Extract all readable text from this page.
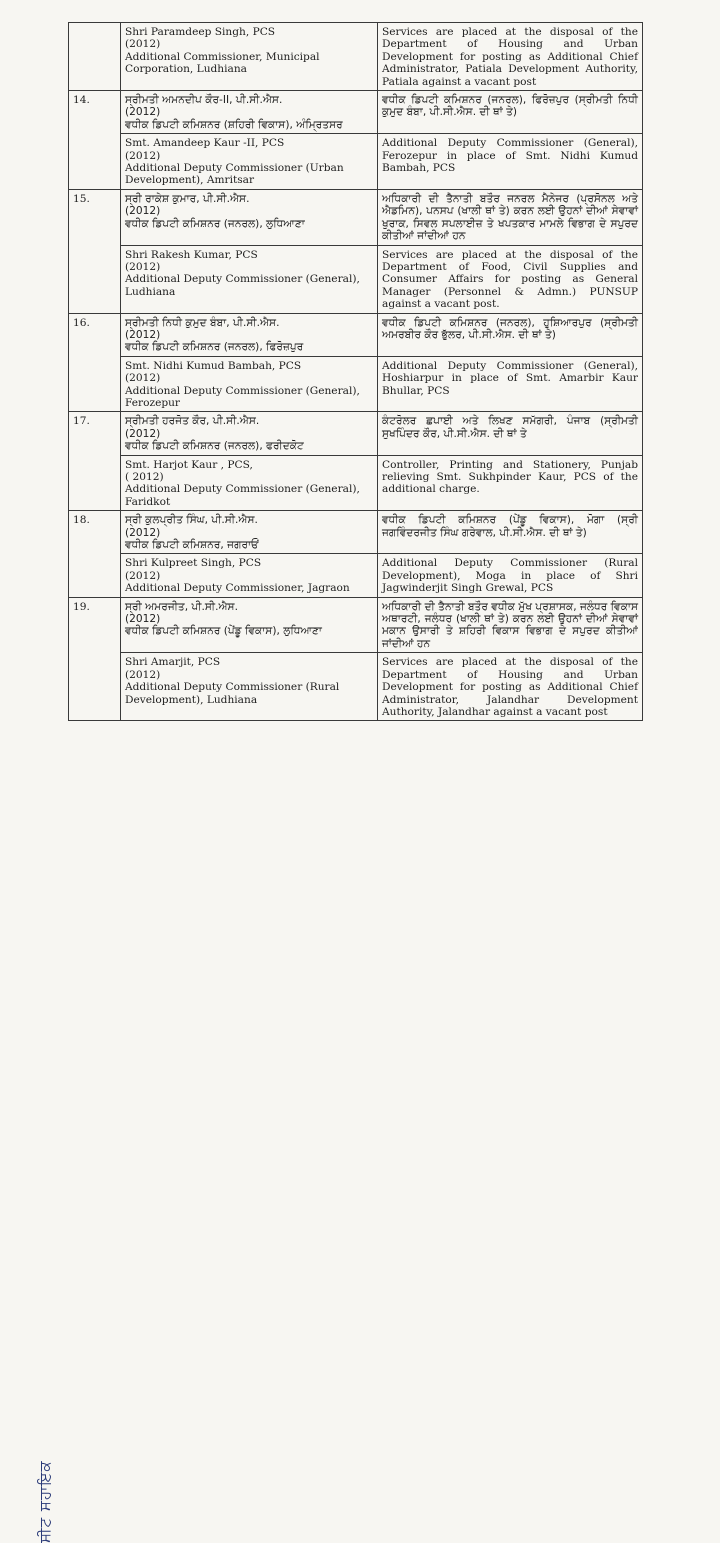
	Shri Paramdeep Singh, PCS
(2012)
Additional Commissioner, Municipal Corporation, Ludhiana	Services are placed at the disposal of the Department of Housing and Urban Development for posting as Additional Chief Administrator, Patiala Development Authority, Patiala against a vacant post
14.	ਸ੍ਰੀਮਤੀ ਅਮਨਦੀਪ ਕੌਰ-II, ਪੀ.ਸੀ.ਐਸ.
(2012)
ਵਧੀਕ ਡਿਪਟੀ ਕਮਿਸ਼ਨਰ (ਸ਼ਹਿਰੀ ਵਿਕਾਸ), ਅੰਮ੍ਰਿਤਸਰ	ਵਧੀਕ ਡਿਪਟੀ ਕਮਿਸ਼ਨਰ (ਜਨਰਲ), ਫਿਰੋਜ਼ਪੁਰ (ਸ੍ਰੀਮਤੀ ਨਿਧੀ ਕੁਮੁਦ ਬੰਬਾ, ਪੀ.ਸੀ.ਐਸ. ਦੀ ਥਾਂ ਤੇ)
	Smt. Amandeep Kaur -II, PCS
(2012)
Additional Deputy Commissioner (Urban Development), Amritsar	Additional Deputy Commissioner (General), Ferozepur in place of Smt. Nidhi Kumud Bambah, PCS
15.	ਸ੍ਰੀ ਰਾਕੇਸ਼ ਕੁਮਾਰ, ਪੀ.ਸੀ.ਐਸ.
(2012)
ਵਧੀਕ ਡਿਪਟੀ ਕਮਿਸ਼ਨਰ (ਜਨਰਲ), ਲੁਧਿਆਣਾ	ਅਧਿਕਾਰੀ ਦੀ ਤੈਨਾਤੀ ਬਤੌਰ ਜਨਰਲ ਮੈਨੇਜਰ (ਪ੍ਰਸੋਨਲ ਅਤੇ ਐਡਮਿਨ), ਪਨਸਪ (ਖਾਲੀ ਥਾਂ ਤੇ) ਕਰਨ ਲਈ ਉਹਨਾਂ ਦੀਆਂ ਸੇਵਾਵਾਂ ਖੁਰਾਕ, ਸਿਵਲ ਸਪਲਾਈਜ਼ ਤੇ ਖਪਤਕਾਰ ਮਾਮਲੇ ਵਿਭਾਗ ਦੇ ਸਪੁਰਦ ਕੀਤੀਆਂ ਜਾਂਦੀਆਂ ਹਨ
	Shri Rakesh Kumar, PCS
(2012)
Additional Deputy Commissioner (General), Ludhiana	Services are placed at the disposal of the Department of Food, Civil Supplies and Consumer Affairs for posting as General Manager (Personnel & Admn.) PUNSUP against a vacant post.
16.	ਸ੍ਰੀਮਤੀ ਨਿਧੀ ਕੁਮੁਦ ਬੰਬਾ, ਪੀ.ਸੀ.ਐਸ.
(2012)
ਵਧੀਕ ਡਿਪਟੀ ਕਮਿਸ਼ਨਰ (ਜਨਰਲ), ਫਿਰੋਜ਼ਪੁਰ	ਵਧੀਕ ਡਿਪਟੀ ਕਮਿਸ਼ਨਰ (ਜਨਰਲ), ਹੁਸ਼ਿਆਰਪੁਰ (ਸ੍ਰੀਮਤੀ ਅਮਰਬੀਰ ਕੌਰ ਭੁੱਲਰ, ਪੀ.ਸੀ.ਐਸ. ਦੀ ਥਾਂ ਤੇ)
	Smt. Nidhi Kumud Bambah, PCS
(2012)
Additional Deputy Commissioner (General), Ferozepur	Additional Deputy Commissioner (General), Hoshiarpur in place of Smt. Amarbir Kaur Bhullar, PCS
17.	ਸ੍ਰੀਮਤੀ ਹਰਜੋਤ ਕੌਰ, ਪੀ.ਸੀ.ਐਸ.
(2012)
ਵਧੀਕ ਡਿਪਟੀ ਕਮਿਸ਼ਨਰ (ਜਨਰਲ), ਫਰੀਦਕੋਟ	ਕੰਟਰੋਲਰ ਛਪਾਈ ਅਤੇ ਲਿਖਣ ਸਮੱਗਰੀ, ਪੰਜਾਬ (ਸ੍ਰੀਮਤੀ ਸੁਖਪਿੰਦਰ ਕੌਰ, ਪੀ.ਸੀ.ਐਸ. ਦੀ ਥਾਂ ਤੇ
	Smt. Harjot Kaur , PCS,
( 2012)
Additional Deputy Commissioner (General), Faridkot	Controller, Printing and Stationery, Punjab relieving Smt. Sukhpinder Kaur, PCS of the additional charge.
18.	ਸ੍ਰੀ ਕੁਲਪ੍ਰੀਤ ਸਿੰਘ, ਪੀ.ਸੀ.ਐਸ.
(2012)
ਵਧੀਕ ਡਿਪਟੀ ਕਮਿਸ਼ਨਰ, ਜਗਰਾਓਂ	ਵਧੀਕ ਡਿਪਟੀ ਕਮਿਸ਼ਨਰ (ਪੇਂਡੂ ਵਿਕਾਸ), ਮੋਗਾ (ਸ੍ਰੀ ਜਗਵਿੰਦਰਜੀਤ ਸਿੰਘ ਗਰੇਵਾਲ, ਪੀ.ਸੀ.ਐਸ. ਦੀ ਥਾਂ ਤੇ)
	Shri Kulpreet Singh, PCS
(2012)
Additional Deputy Commissioner, Jagraon	Additional Deputy Commissioner (Rural Development), Moga in place of Shri Jagwinderjit Singh Grewal, PCS
19.	ਸ੍ਰੀ ਅਮਰਜੀਤ, ਪੀ.ਸੀ.ਐਸ.
(2012)
ਵਧੀਕ ਡਿਪਟੀ ਕਮਿਸ਼ਨਰ (ਪੇਂਡੂ ਵਿਕਾਸ), ਲੁਧਿਆਣਾ	ਅਧਿਕਾਰੀ ਦੀ ਤੈਨਾਤੀ ਬਤੌਰ ਵਧੀਕ ਮੁੱਖ ਪ੍ਰਸ਼ਾਸਕ, ਜਲੰਧਰ ਵਿਕਾਸ ਅਥਾਰਟੀ, ਜਲੰਧਰ (ਖਾਲੀ ਥਾਂ ਤੇ) ਕਰਨ ਲਈ ਉਹਨਾਂ ਦੀਆਂ ਸੇਵਾਵਾਂ ਮਕਾਨ ਉਸਾਰੀ ਤੇ ਸ਼ਹਿਰੀ ਵਿਕਾਸ ਵਿਭਾਗ ਦੇ ਸਪੁਰਦ ਕੀਤੀਆਂ ਜਾਂਦੀਆਂ ਹਨ
	Shri Amarjit, PCS
(2012)
Additional Deputy Commissioner (Rural Development), Ludhiana	Services are placed at the disposal of the Department of Housing and Urban Development for posting as Additional Chief Administrator, Jalandhar Development Authority, Jalandhar against a vacant post
ਸੀਟ ਸਹਾਇਕ
